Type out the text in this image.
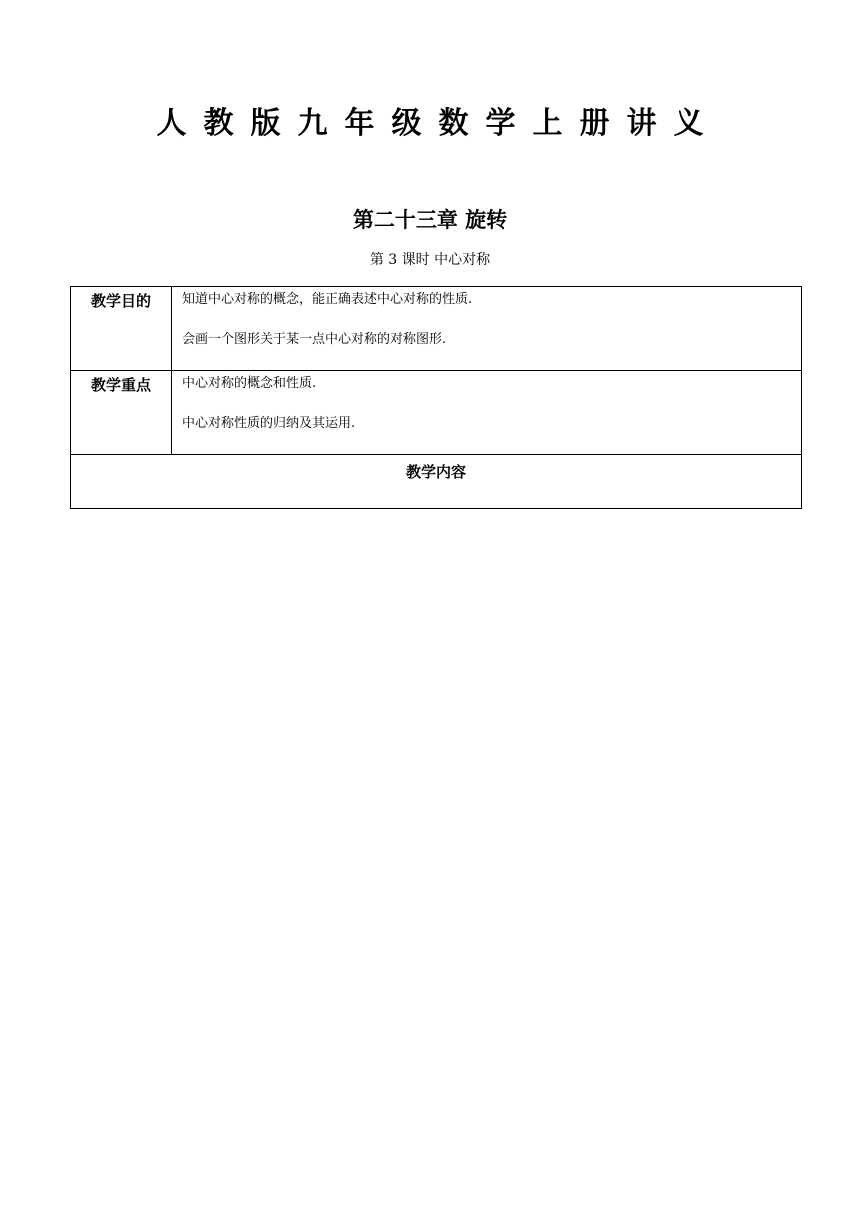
人教版九年级数学上册讲义
第二十三章 旋转
第 3 课时 中心对称
教学目的	知道中心对称的概念，能正确表述中心对称的性质.

会画一个图形关于某一点中心对称的对称图形.

教学重点	中心对称的概念和性质.

中心对称性质的归纳及其运用.

教学内容	
